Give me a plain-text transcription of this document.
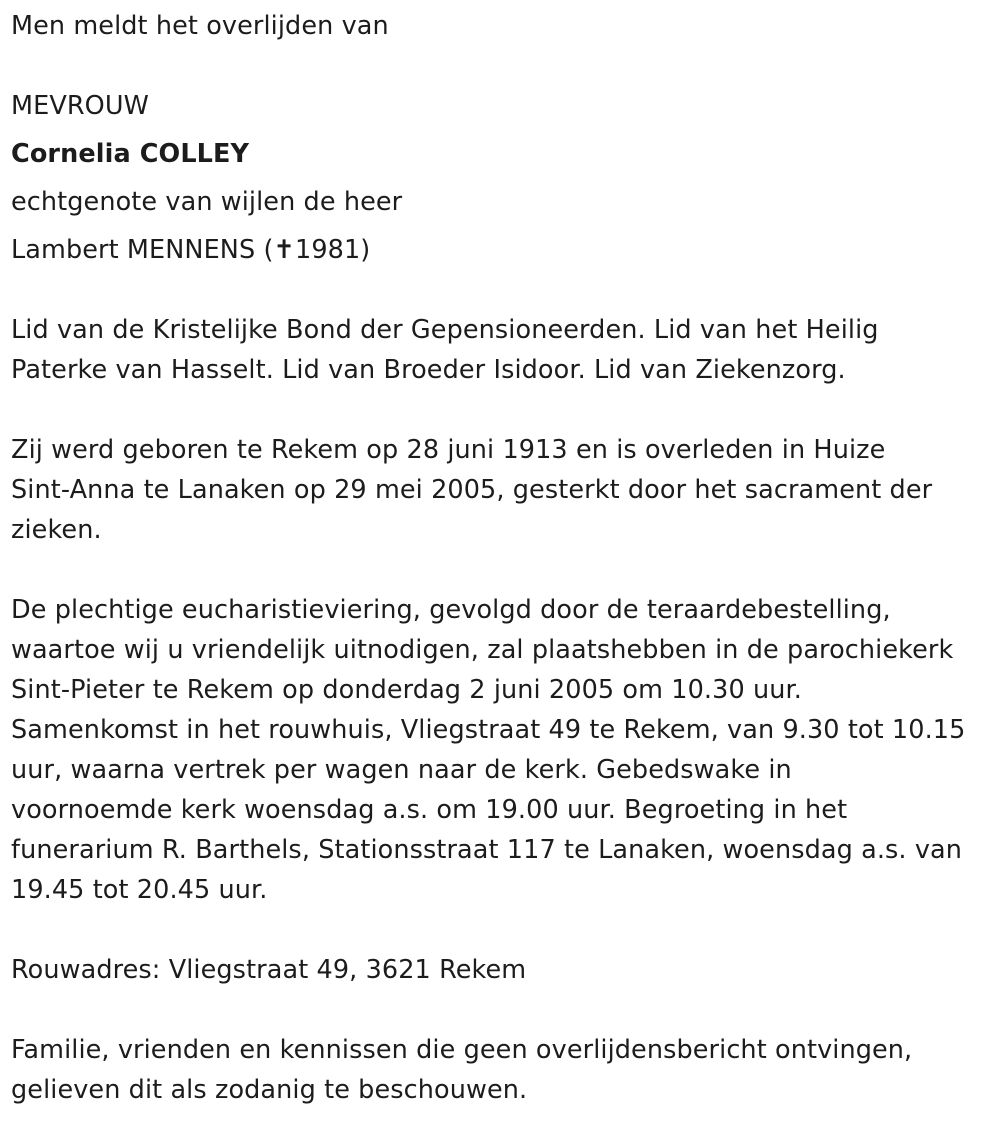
Men meldt het overlijden van
MEVROUW
Cornelia COLLEY
echtgenote van wijlen de heer
Lambert MENNENS (✝1981)
Lid van de Kristelijke Bond der Gepensioneerden. Lid van het Heilig
Paterke van Hasselt. Lid van Broeder Isidoor. Lid van Ziekenzorg.
Zij werd geboren te Rekem op 28 juni 1913 en is overleden in Huize
Sint-Anna te Lanaken op 29 mei 2005, gesterkt door het sacrament der
zieken.
De plechtige eucharistieviering, gevolgd door de teraardebestelling,
waartoe wij u vriendelijk uitnodigen, zal plaatshebben in de parochiekerk
Sint-Pieter te Rekem op donderdag 2 juni 2005 om 10.30 uur.
Samenkomst in het rouwhuis, Vliegstraat 49 te Rekem, van 9.30 tot 10.15
uur, waarna vertrek per wagen naar de kerk. Gebedswake in
voornoemde kerk woensdag a.s. om 19.00 uur. Begroeting in het
funerarium R. Barthels, Stationsstraat 117 te Lanaken, woensdag a.s. van
19.45 tot 20.45 uur.
Rouwadres: Vliegstraat 49, 3621 Rekem
Familie, vrienden en kennissen die geen overlijdensbericht ontvingen,
gelieven dit als zodanig te beschouwen.
